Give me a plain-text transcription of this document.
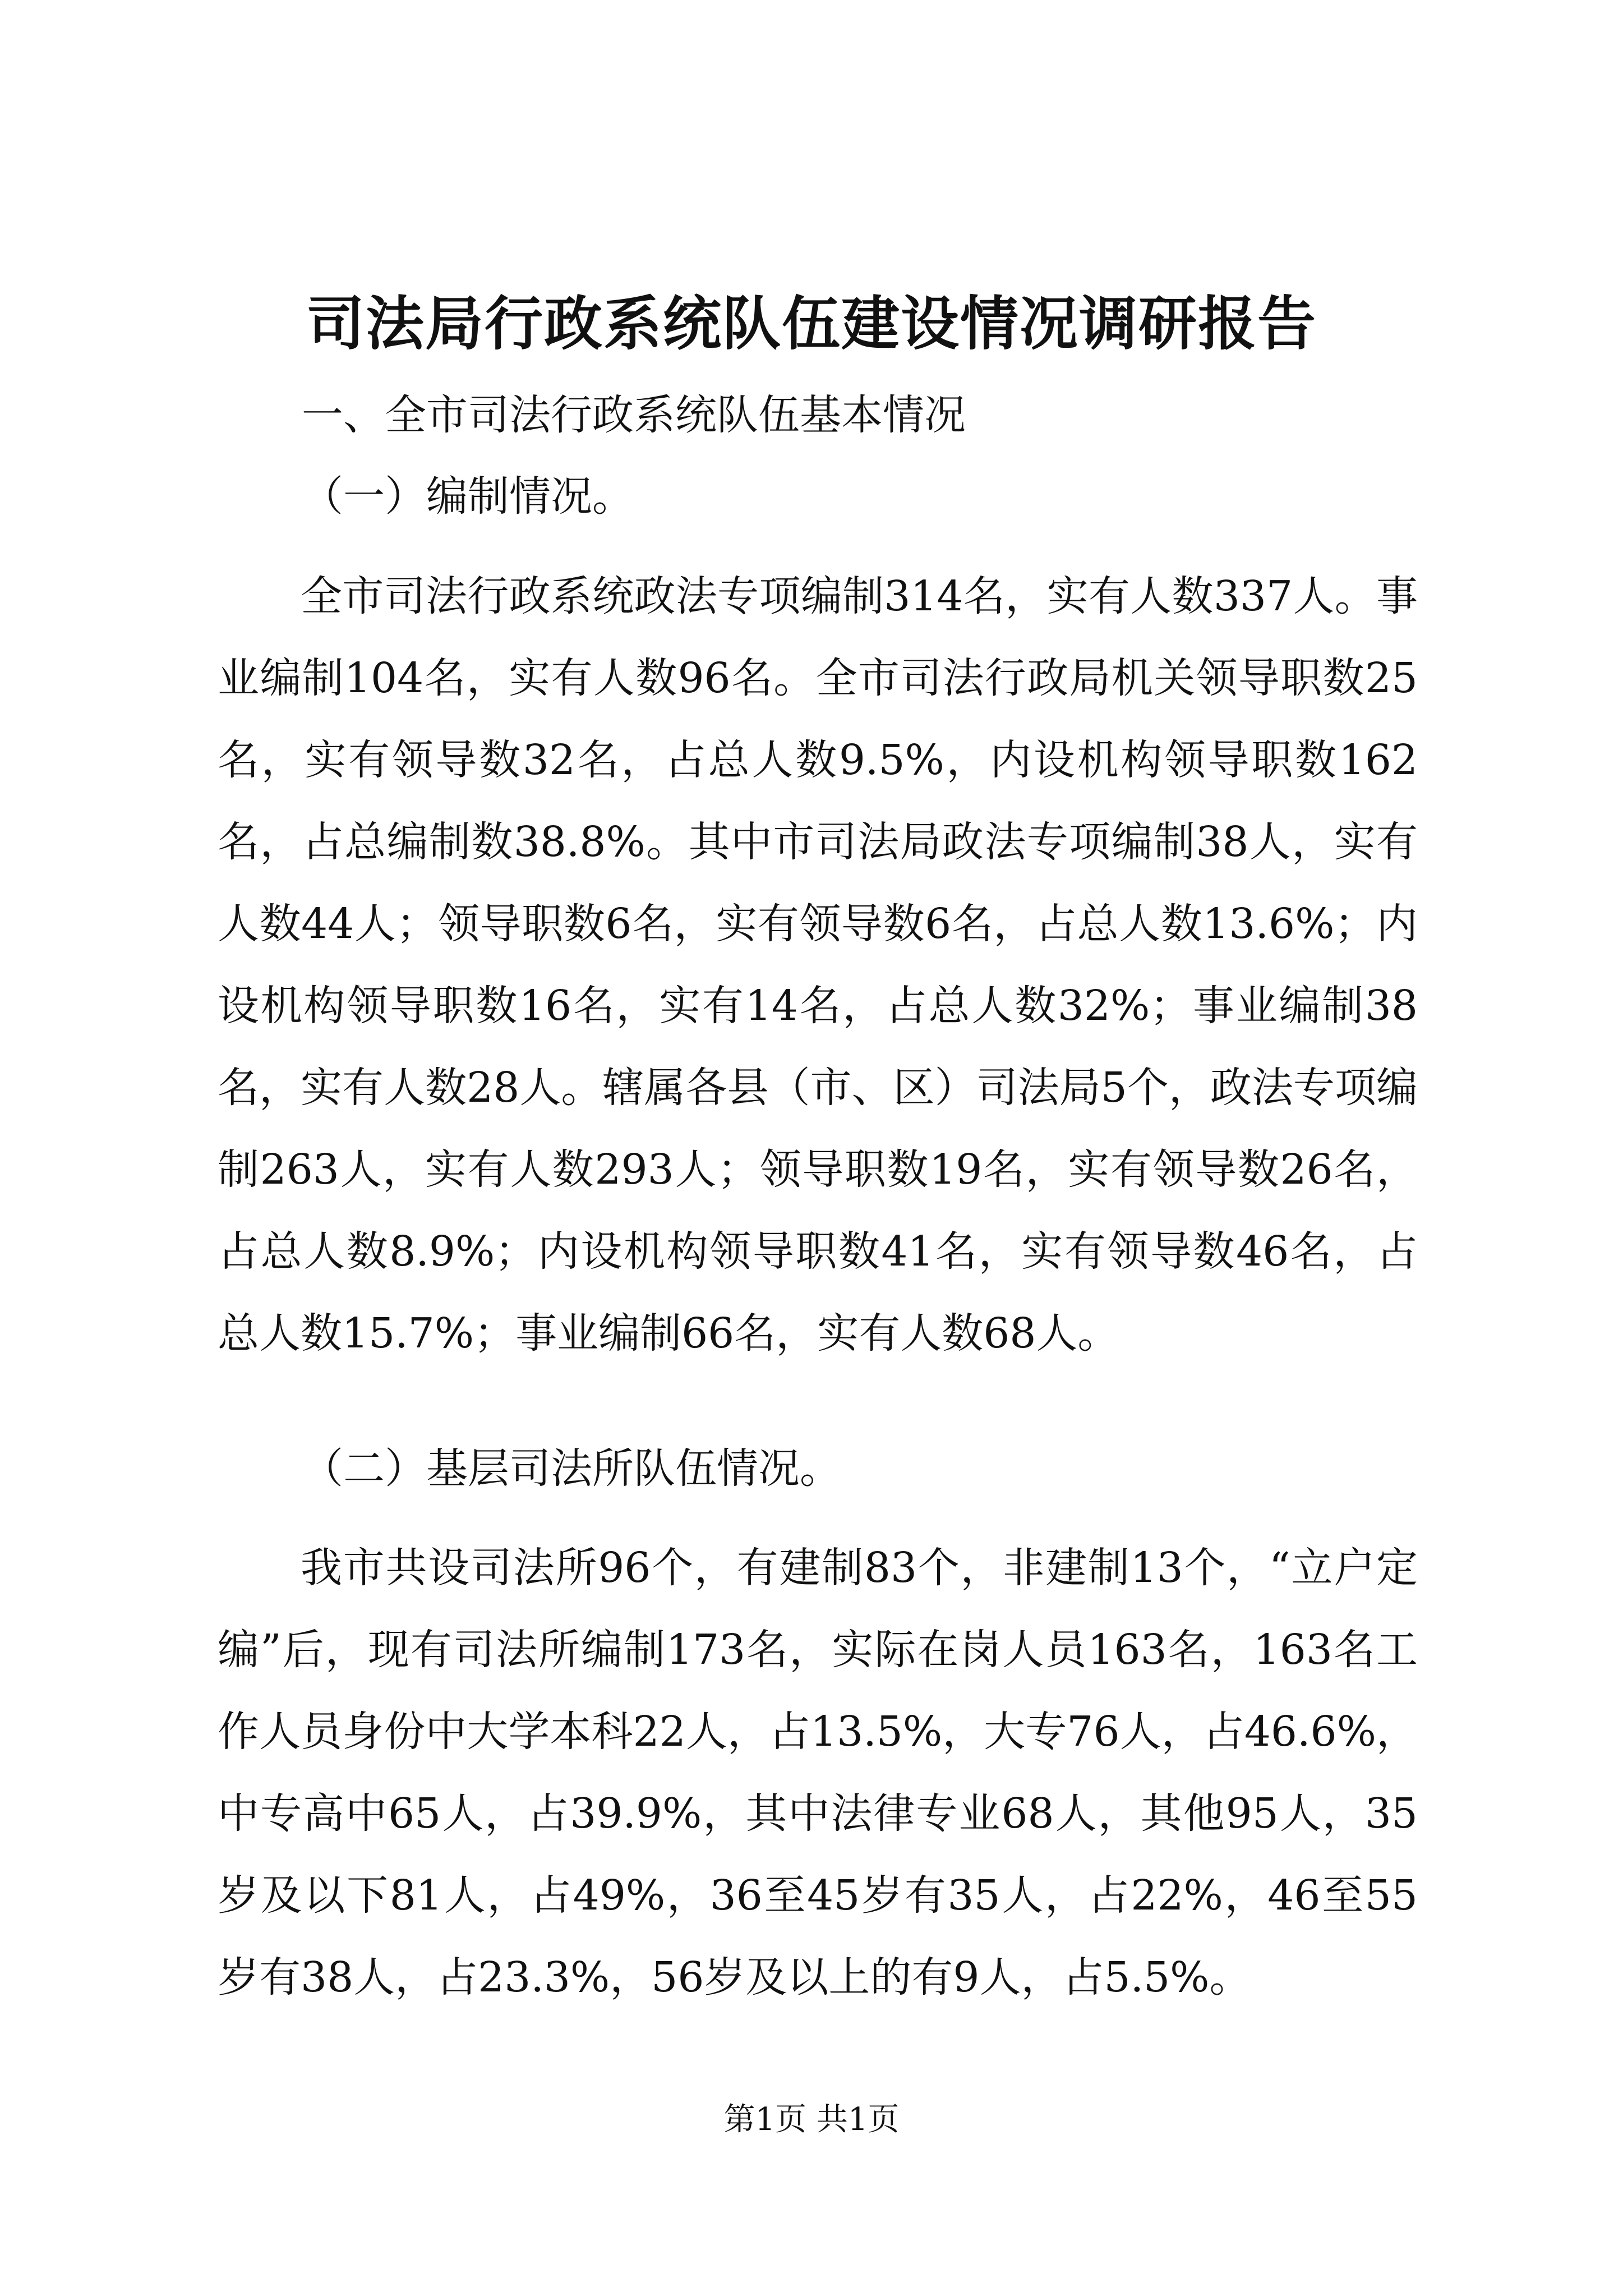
司法局行政系统队伍建设情况调研报告
一、全市司法行政系统队伍基本情况
（一）编制情况。

全市司法行政系统政法专项编制314名，实有人数337人。事业编制104名，实有人数96名。全市司法行政局机关领导职数25名，实有领导数32名，占总人数9.5%，内设机构领导职数162名，占总编制数38.8%。其中市司法局政法专项编制38人，实有人数44人；领导职数6名，实有领导数6名，占总人数13.6%；内设机构领导职数16名，实有14名，占总人数32%；事业编制38名，实有人数28人。辖属各县（市、区）司法局5个，政法专项编制263人，实有人数293人；领导职数19名，实有领导数26名，占总人数8.9%；内设机构领导职数41名，实有领导数46名，占总人数15.7%；事业编制66名，实有人数68人。

（二）基层司法所队伍情况。

我市共设司法所96个，有建制83个，非建制13个，“立户定编”后，现有司法所编制173名，实际在岗人员163名，163名工作人员身份中大学本科22人，占13.5%，大专76人，占46.6%，中专高中65人，占39.9%，其中法律专业68人，其他95人，35岁及以下81人，占49%，36至45岁有35人，占22%，46至55岁有38人，占23.3%，56岁及以上的有9人，占5.5%。

第1页 共1页
